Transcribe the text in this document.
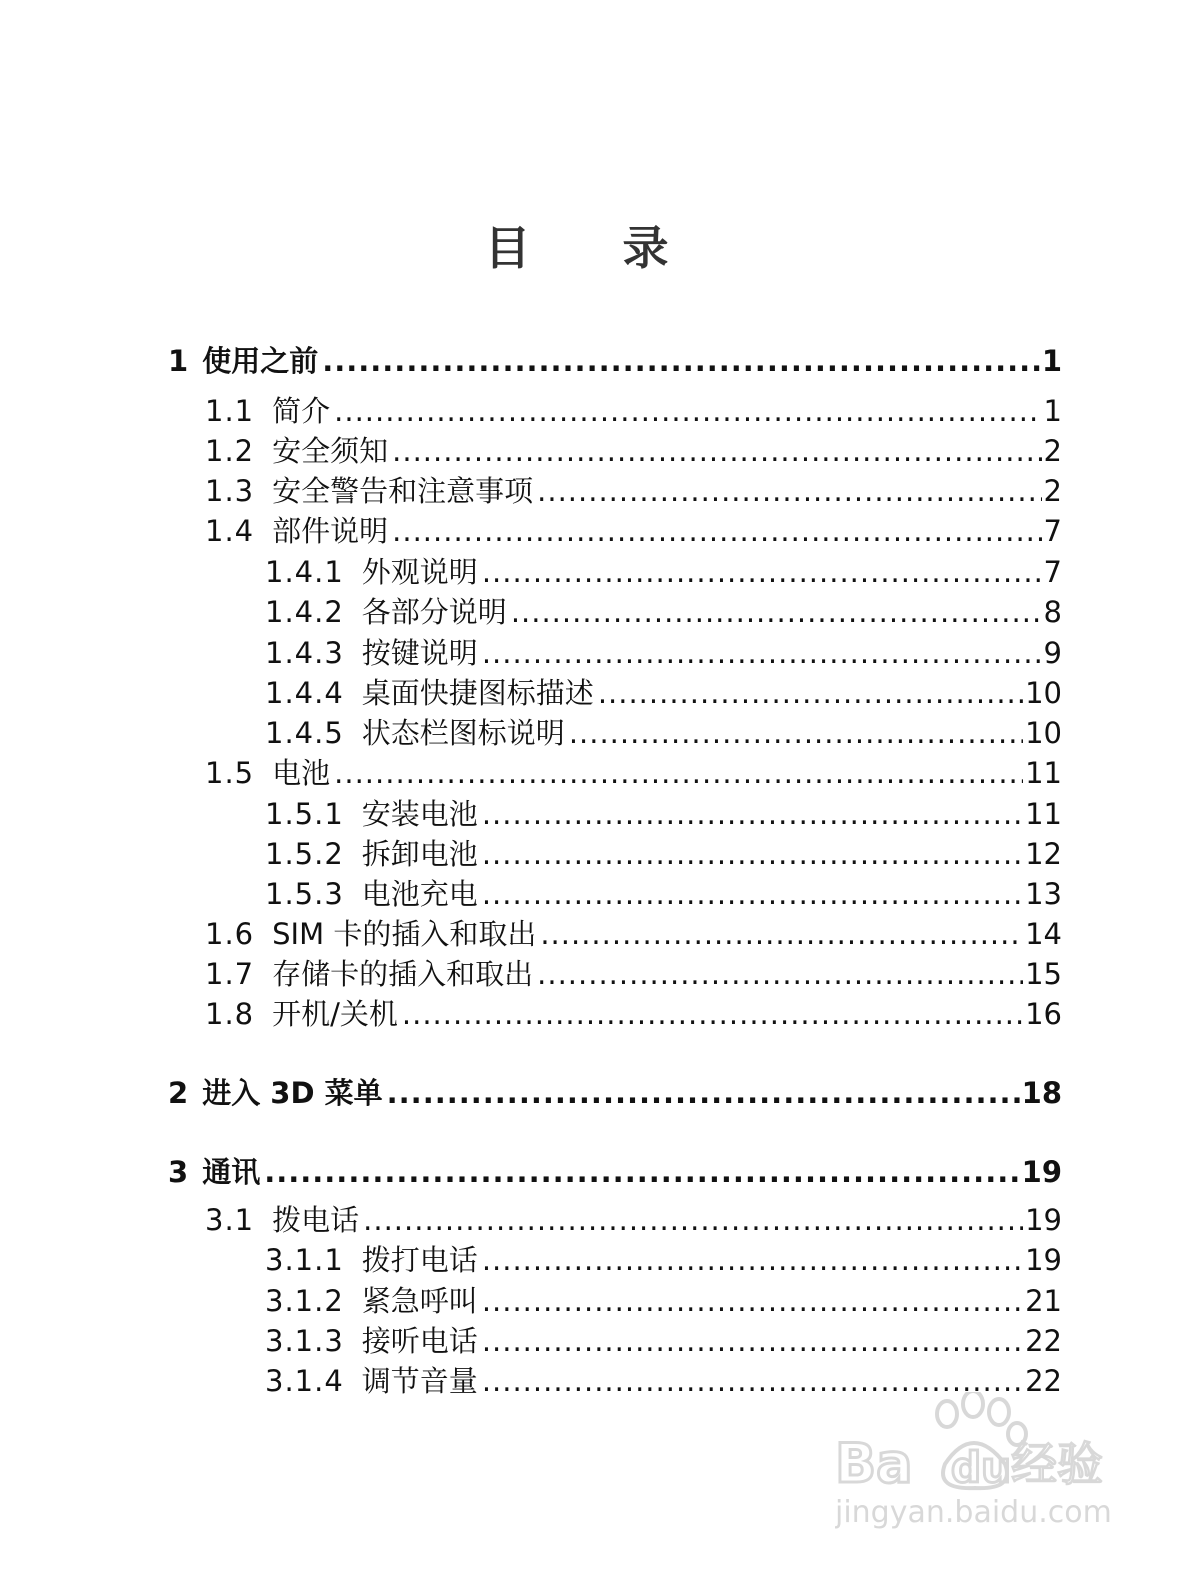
目 录
1 使用之前 .....	1
1.1 简介 .....	1
1.2 安全须知 .....	2
1.3 安全警告和注意事项 .....	2
1.4 部件说明 .....	7
1.4.1 外观说明 .....	7
1.4.2 各部分说明 .....	8
1.4.3 按键说明 .....	9
1.4.4 桌面快捷图标描述 .....	10
1.4.5 状态栏图标说明 .....	10
1.5 电池 .....	11
1.5.1 安装电池 .....	11
1.5.2 拆卸电池 .....	12
1.5.3 电池充电 .....	13
1.6 SIM 卡的插入和取出 .....	14
1.7 存储卡的插入和取出 .....	15
1.8 开机/关机 .....	16
2 进入 3D 菜单 .....	18
3 通讯 .....	19
3.1 拨电话 .....	19
3.1.1 拨打电话 .....	19
3.1.2 紧急呼叫 .....	21
3.1.3 接听电话 .....	22
3.1.4 调节音量 .....	22
Ba du 经验
jingyan.baidu.com
